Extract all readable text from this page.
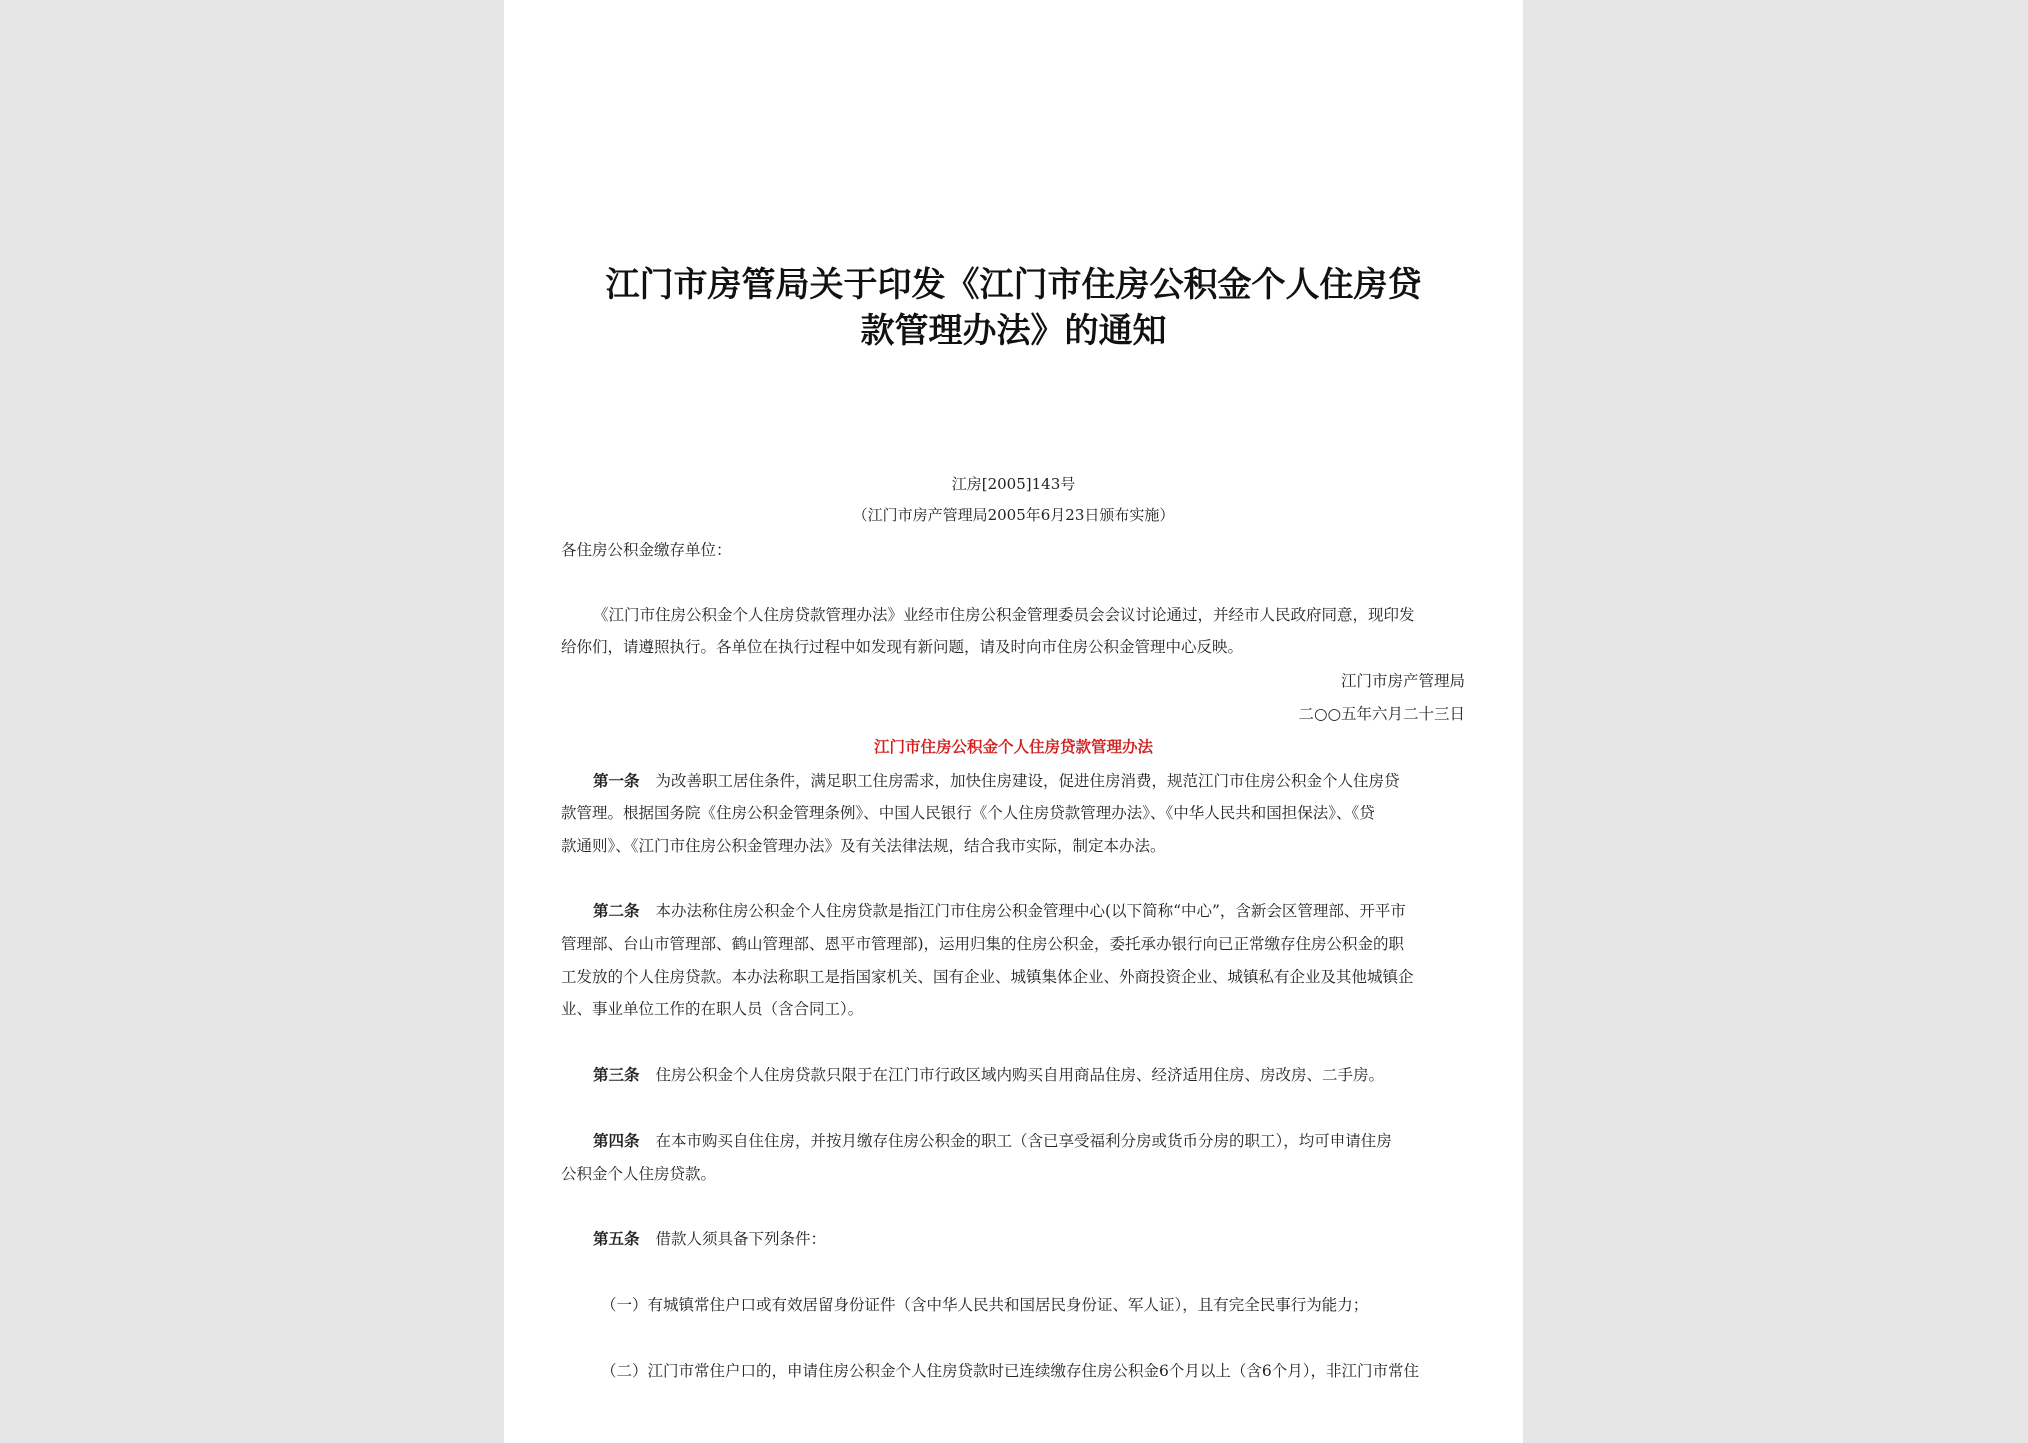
江门市房管局关于印发《江门市住房公积金个人住房贷
款管理办法》的通知
江房[2005]143号
（江门市房产管理局2005年6月23日颁布实施）
各住房公积金缴存单位：
《江门市住房公积金个人住房贷款管理办法》业经市住房公积金管理委员会会议讨论通过，并经市人民政府同意，现印发
给你们，请遵照执行。各单位在执行过程中如发现有新问题，请及时向市住房公积金管理中心反映。
江门市房产管理局
二○○五年六月二十三日
江门市住房公积金个人住房贷款管理办法
第一条 为改善职工居住条件，满足职工住房需求，加快住房建设，促进住房消费，规范江门市住房公积金个人住房贷
款管理。根据国务院《住房公积金管理条例》、中国人民银行《个人住房贷款管理办法》、《中华人民共和国担保法》、《贷
款通则》、《江门市住房公积金管理办法》及有关法律法规，结合我市实际，制定本办法。
第二条 本办法称住房公积金个人住房贷款是指江门市住房公积金管理中心(以下简称“中心”，含新会区管理部、开平市
管理部、台山市管理部、鹤山管理部、恩平市管理部)，运用归集的住房公积金，委托承办银行向已正常缴存住房公积金的职
工发放的个人住房贷款。本办法称职工是指国家机关、国有企业、城镇集体企业、外商投资企业、城镇私有企业及其他城镇企
业、事业单位工作的在职人员（含合同工）。
第三条 住房公积金个人住房贷款只限于在江门市行政区域内购买自用商品住房、经济适用住房、房改房、二手房。
第四条 在本市购买自住住房，并按月缴存住房公积金的职工（含已享受福利分房或货币分房的职工），均可申请住房
公积金个人住房贷款。
第五条 借款人须具备下列条件：
（一）有城镇常住户口或有效居留身份证件（含中华人民共和国居民身份证、军人证），且有完全民事行为能力；
（二）江门市常住户口的，申请住房公积金个人住房贷款时已连续缴存住房公积金6个月以上（含6个月），非江门市常住
